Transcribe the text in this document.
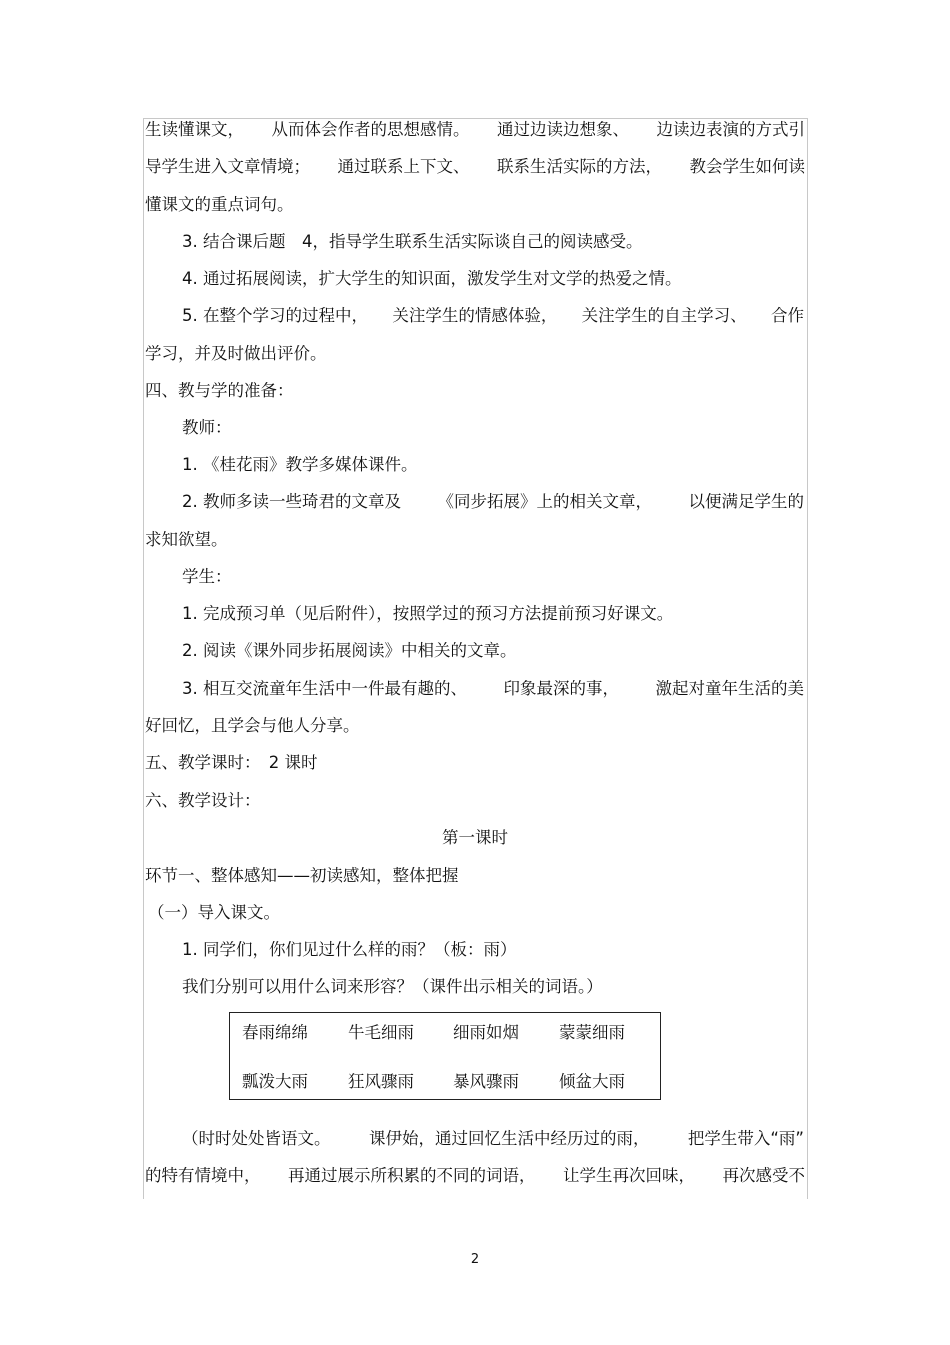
生读懂课文， 从而体会作者的思想感情。 通过边读边想象、 边读边表演的方式引
导学生进入文章情境； 通过联系上下文、 联系生活实际的方法， 教会学生如何读
懂课文的重点词句。
3. 结合课后题　4，指导学生联系生活实际谈自己的阅读感受。
4. 通过拓展阅读，扩大学生的知识面，激发学生对文学的热爱之情。
5. 在整个学习的过程中， 关注学生的情感体验， 关注学生的自主学习、 合作
学习，并及时做出评价。
四、教与学的准备：
教师：
1. 《桂花雨》教学多媒体课件。
2. 教师多读一些琦君的文章及 《同步拓展》上的相关文章， 以便满足学生的
求知欲望。
学生：
1. 完成预习单（见后附件），按照学过的预习方法提前预习好课文。
2. 阅读《课外同步拓展阅读》中相关的文章。
3. 相互交流童年生活中一件最有趣的、 印象最深的事， 激起对童年生活的美
好回忆，且学会与他人分享。
五、教学课时：　2 课时
六、教学设计：
第一课时
环节一、整体感知——初读感知，整体把握
（一）导入课文。
1. 同学们，你们见过什么样的雨？（板：雨）
我们分别可以用什么词来形容？（课件出示相关的词语。）
春雨绵绵 牛毛细雨 细雨如烟 蒙蒙细雨
瓢泼大雨 狂风骤雨 暴风骤雨 倾盆大雨
（时时处处皆语文。 课伊始，通过回忆生活中经历过的雨， 把学生带入“雨”
的特有情境中， 再通过展示所积累的不同的词语， 让学生再次回味， 再次感受不
2
